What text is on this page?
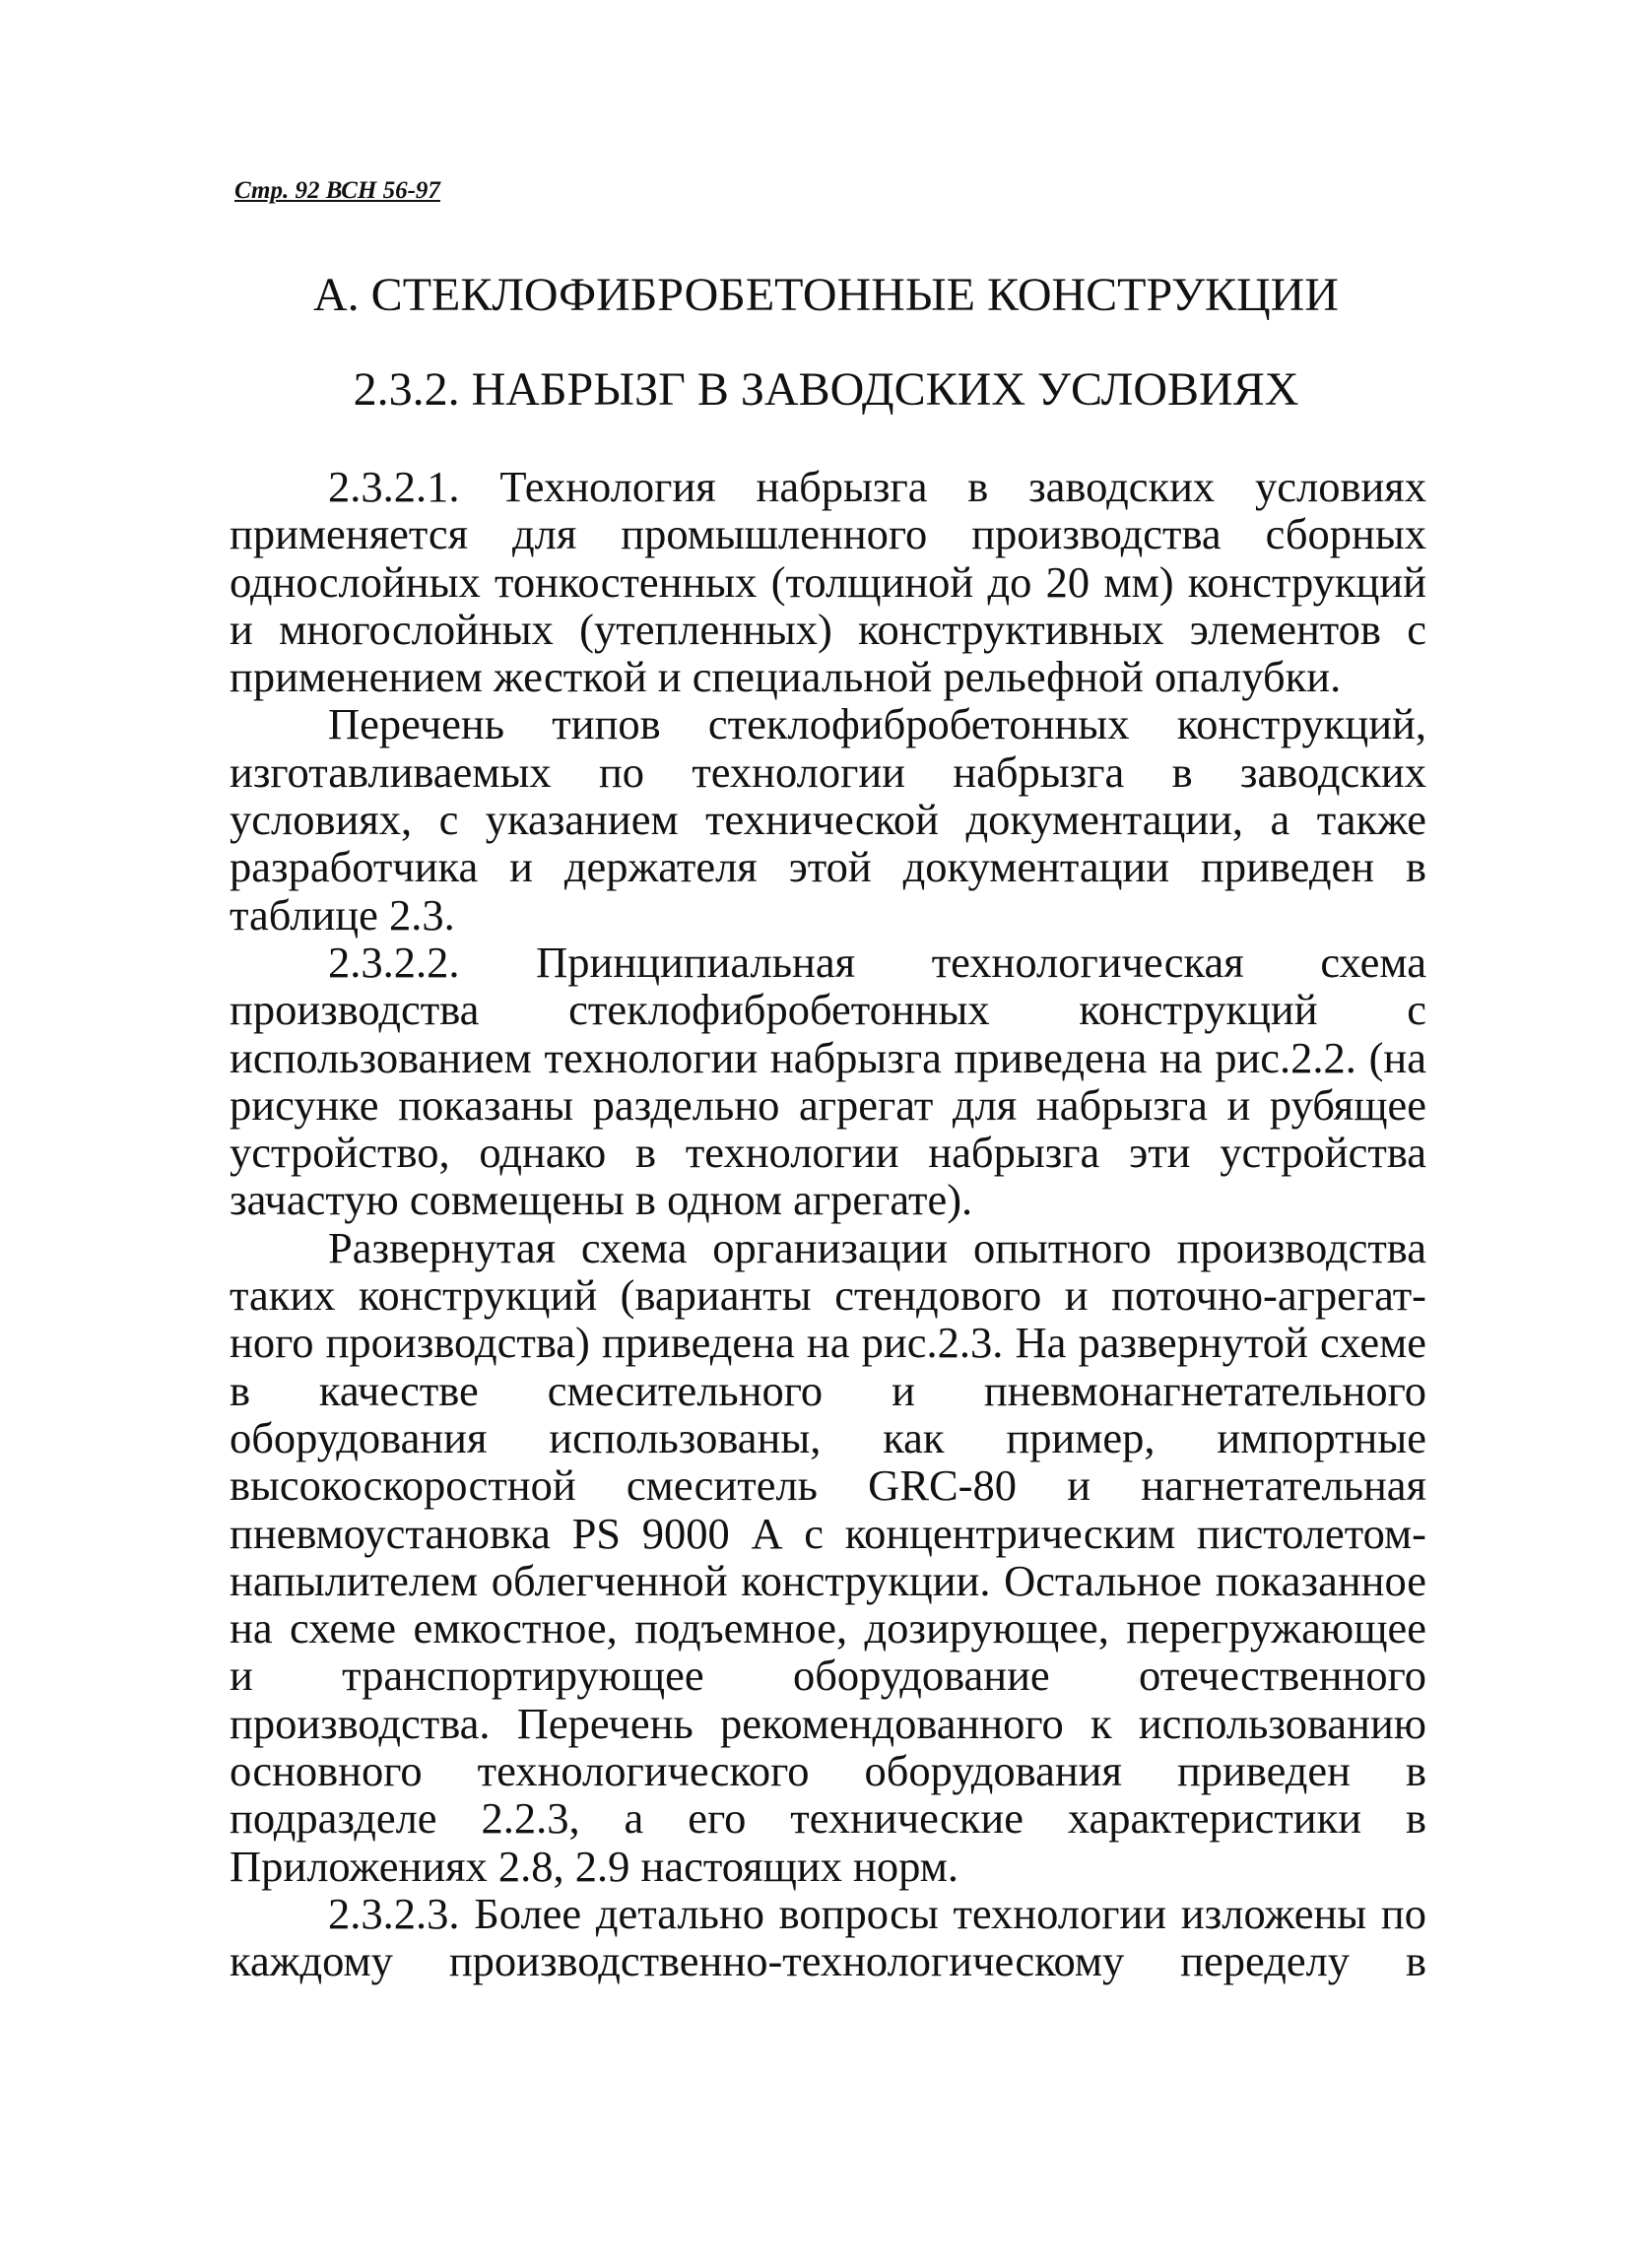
Стр. 92 ВСН 56-97
А. СТЕКЛОФИБРОБЕТОННЫЕ КОНСТРУКЦИИ
2.3.2. НАБРЫЗГ В ЗАВОДСКИХ УСЛОВИЯХ

2.3.2.1. Технология набрызга в заводских условиях применяется для промышленного производства сборных однослойных тонкостенных (толщиной до 20 мм) конструкций и многослойных (утепленных) конструктивных элементов с применением жесткой и специальной рельефной опалубки.

Перечень типов стеклофибробетонных конструкций, изготавливаемых по технологии набрызга в заводских условиях, с указанием технической документации, а также разработчика и держателя этой документации приведен в таблице 2.3.

2.3.2.2. Принципиальная технологическая схема производства стеклофибробетонных конструкций с использованием технологии набрызга приведена на рис.2.2. (на рисунке показаны раздельно агрегат для набрызга и рубящее устройство, однако в технологии набрызга эти устройства зачастую совмещены в одном агрегате).

Развернутая схема организации опытного производства таких конструкций (варианты стендового и поточно-агрегатного производства) приведена на рис.2.3. На развернутой схеме в качестве смесительного и пневмонагнетательного оборудования использованы, как пример, импортные высокоскоростной смеситель GRC-80 и нагнетательная пневмоустановка PS 9000 А с концентрическим пистолетом-напылителем облегченной конструкции. Остальное показанное на схеме емкостное, подъемное, дозирующее, перегружающее и транспортирующее оборудование отечественного производства. Перечень рекомендованного к использованию основного технологического оборудования приведен в подразделе 2.2.3, а его технические характеристики в Приложениях 2.8, 2.9 настоящих норм.

2.3.2.3. Более детально вопросы технологии изложены по каждому производственно-технологическому переделу в
